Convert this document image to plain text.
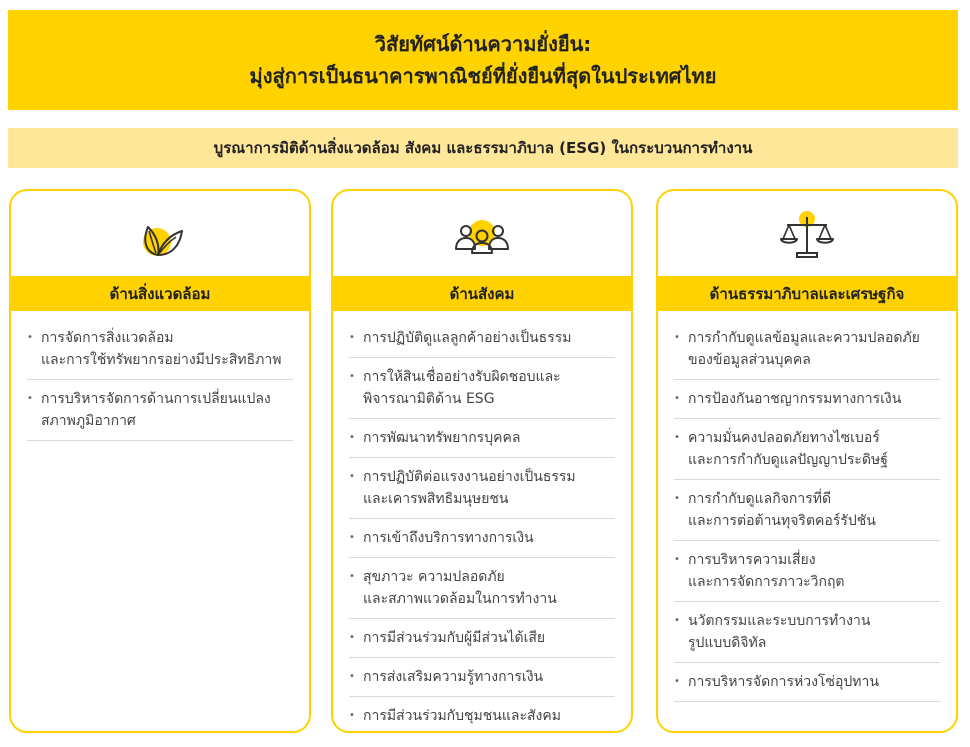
วิสัยทัศน์ด้านความยั่งยืน:
มุ่งสู่การเป็นธนาคารพาณิชย์ที่ยั่งยืนที่สุดในประเทศไทย
บูรณาการมิติด้านสิ่งแวดล้อม สังคม และธรรมาภิบาล (ESG) ในกระบวนการทำงาน
ด้านสิ่งแวดล้อม
• การจัดการสิ่งแวดล้อม
และการใช้ทรัพยากรอย่างมีประสิทธิภาพ
• การบริหารจัดการด้านการเปลี่ยนแปลง
สภาพภูมิอากาศ
ด้านสังคม
• การปฏิบัติดูแลลูกค้าอย่างเป็นธรรม
• การให้สินเชื่ออย่างรับผิดชอบและ
พิจารณามิติด้าน ESG
• การพัฒนาทรัพยากรบุคคล
• การปฏิบัติต่อแรงงานอย่างเป็นธรรม
และเคารพสิทธิมนุษยชน
• การเข้าถึงบริการทางการเงิน
• สุขภาวะ ความปลอดภัย
และสภาพแวดล้อมในการทำงาน
• การมีส่วนร่วมกับผู้มีส่วนได้เสีย
• การส่งเสริมความรู้ทางการเงิน
• การมีส่วนร่วมกับชุมชนและสังคม
ด้านธรรมาภิบาลและเศรษฐกิจ
• การกำกับดูแลข้อมูลและความปลอดภัย
ของข้อมูลส่วนบุคคล
• การป้องกันอาชญากรรมทางการเงิน
• ความมั่นคงปลอดภัยทางไซเบอร์
และการกำกับดูแลปัญญาประดิษฐ์
• การกำกับดูแลกิจการที่ดี
และการต่อต้านทุจริตคอร์รัปชัน
• การบริหารความเสี่ยง
และการจัดการภาวะวิกฤต
• นวัตกรรมและระบบการทำงาน
รูปแบบดิจิทัล
• การบริหารจัดการห่วงโซ่อุปทาน
